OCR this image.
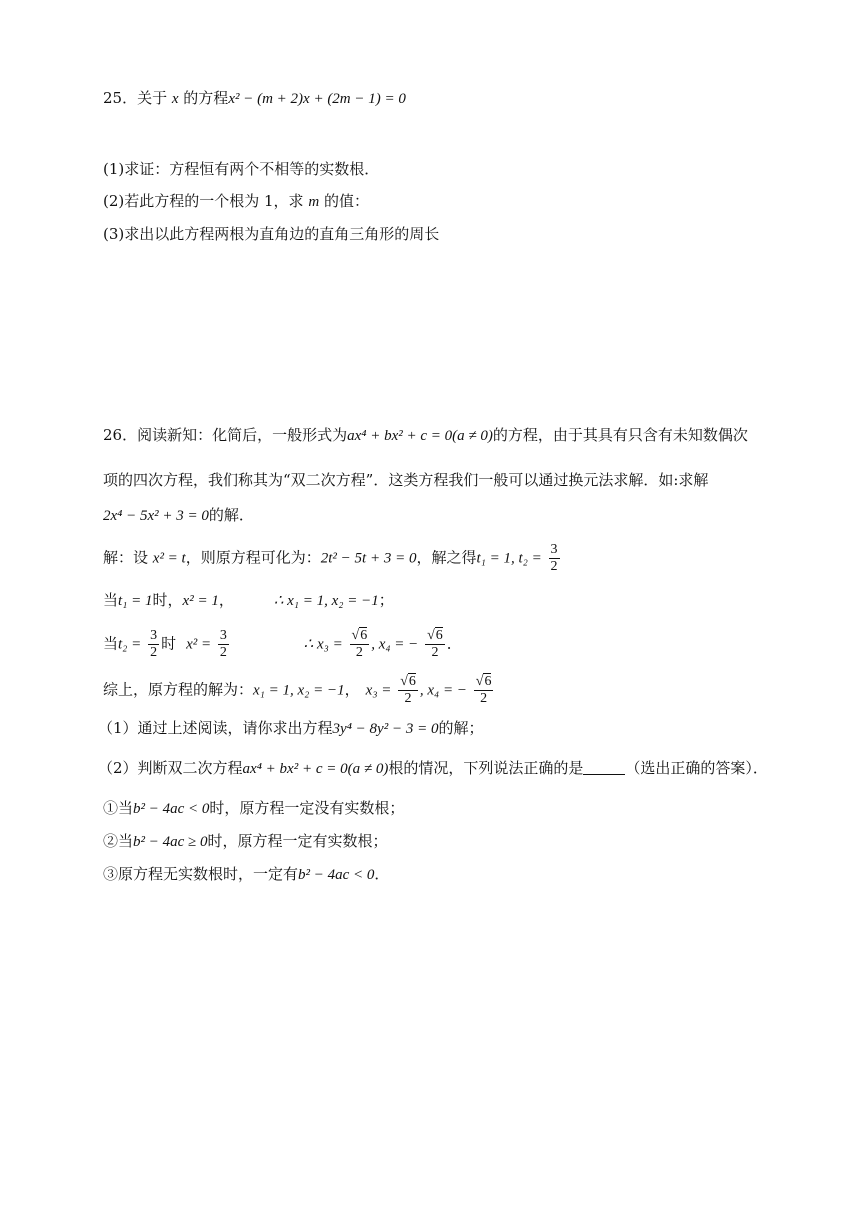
25．关于 x 的方程x² − (m + 2)x + (2m − 1) = 0
(1)求证：方程恒有两个不相等的实数根．
(2)若此方程的一个根为 1，求 m 的值：
(3)求出以此方程两根为直角边的直角三角形的周长
26．阅读新知：化简后，一般形式为ax⁴ + bx² + c = 0(a ≠ 0)的方程，由于其具有只含有未知数偶次
项的四次方程，我们称其为“双二次方程”．这类方程我们一般可以通过换元法求解．如:求解
2x⁴ − 5x² + 3 = 0的解．
解：设 x² = t，则原方程可化为：2t² − 5t + 3 = 0，解之得t₁ = 1, $t_2 = \frac{3}{2}$
当t₁ = 1时，x² = 1，	∴ x₁ = 1, x₂ = −1；
当$t_2 = \frac{3}{2}$ 时 $x^2 = \frac{3}{2}$	∴ $x_3 = \frac{√6}{2}$ , x₄ = − $\frac{√6}{2}$ ．
综上，原方程的解为：x₁ = 1, x₂ = −1， $x_3 = \frac{√6}{2}$ , x₄ = − $\frac{√6}{2}$
（1）通过上述阅读，请你求出方程3y⁴ − 8y² − 3 = 0的解；
（2）判断双二次方程ax⁴ + bx² + c = 0(a ≠ 0)根的情况，下列说法正确的是	（选出正确的答案）．
①当b² − 4ac < 0时，原方程一定没有实数根；
②当b² − 4ac ≥ 0时，原方程一定有实数根；
③原方程无实数根时，一定有b² − 4ac < 0．
